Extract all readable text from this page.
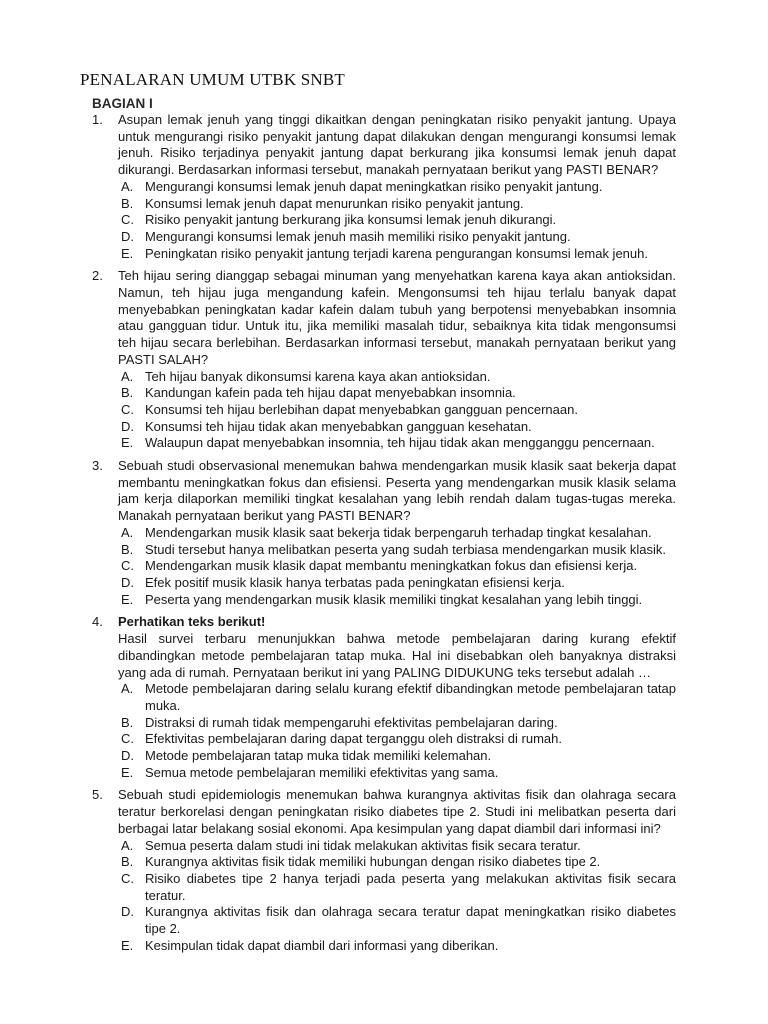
PENALARAN UMUM UTBK SNBT
BAGIAN I
1.	Asupan lemak jenuh yang tinggi dikaitkan dengan peningkatan risiko penyakit jantung. Upaya untuk mengurangi risiko penyakit jantung dapat dilakukan dengan mengurangi konsumsi lemak jenuh. Risiko terjadinya penyakit jantung dapat berkurang jika konsumsi lemak jenuh dapat dikurangi. Berdasarkan informasi tersebut, manakah pernyataan berikut yang PASTI BENAR?

A. Mengurangi konsumsi lemak jenuh dapat meningkatkan risiko penyakit jantung.
B. Konsumsi lemak jenuh dapat menurunkan risiko penyakit jantung.
C. Risiko penyakit jantung berkurang jika konsumsi lemak jenuh dikurangi.
D. Mengurangi konsumsi lemak jenuh masih memiliki risiko penyakit jantung.
E. Peningkatan risiko penyakit jantung terjadi karena pengurangan konsumsi lemak jenuh.
2.	Teh hijau sering dianggap sebagai minuman yang menyehatkan karena kaya akan antioksidan. Namun, teh hijau juga mengandung kafein. Mengonsumsi teh hijau terlalu banyak dapat menyebabkan peningkatan kadar kafein dalam tubuh yang berpotensi menyebabkan insomnia atau gangguan tidur. Untuk itu, jika memiliki masalah tidur, sebaiknya kita tidak mengonsumsi teh hijau secara berlebihan. Berdasarkan informasi tersebut, manakah pernyataan berikut yang PASTI SALAH?

A. Teh hijau banyak dikonsumsi karena kaya akan antioksidan.
B. Kandungan kafein pada teh hijau dapat menyebabkan insomnia.
C. Konsumsi teh hijau berlebihan dapat menyebabkan gangguan pencernaan.
D. Konsumsi teh hijau tidak akan menyebabkan gangguan kesehatan.
E. Walaupun dapat menyebabkan insomnia, teh hijau tidak akan mengganggu pencernaan.
3.	Sebuah studi observasional menemukan bahwa mendengarkan musik klasik saat bekerja dapat membantu meningkatkan fokus dan efisiensi. Peserta yang mendengarkan musik klasik selama jam kerja dilaporkan memiliki tingkat kesalahan yang lebih rendah dalam tugas-tugas mereka. Manakah pernyataan berikut yang PASTI BENAR?

A. Mendengarkan musik klasik saat bekerja tidak berpengaruh terhadap tingkat kesalahan.
B. Studi tersebut hanya melibatkan peserta yang sudah terbiasa mendengarkan musik klasik.
C. Mendengarkan musik klasik dapat membantu meningkatkan fokus dan efisiensi kerja.
D. Efek positif musik klasik hanya terbatas pada peningkatan efisiensi kerja.
E. Peserta yang mendengarkan musik klasik memiliki tingkat kesalahan yang lebih tinggi.
4.	Perhatikan teks berikut!

Hasil survei terbaru menunjukkan bahwa metode pembelajaran daring kurang efektif dibandingkan metode pembelajaran tatap muka. Hal ini disebabkan oleh banyaknya distraksi yang ada di rumah. Pernyataan berikut ini yang PALING DIDUKUNG teks tersebut adalah …

A. Metode pembelajaran daring selalu kurang efektif dibandingkan metode pembelajaran tatap muka.
B. Distraksi di rumah tidak mempengaruhi efektivitas pembelajaran daring.
C. Efektivitas pembelajaran daring dapat terganggu oleh distraksi di rumah.
D. Metode pembelajaran tatap muka tidak memiliki kelemahan.
E. Semua metode pembelajaran memiliki efektivitas yang sama.
5.	Sebuah studi epidemiologis menemukan bahwa kurangnya aktivitas fisik dan olahraga secara teratur berkorelasi dengan peningkatan risiko diabetes tipe 2. Studi ini melibatkan peserta dari berbagai latar belakang sosial ekonomi. Apa kesimpulan yang dapat diambil dari informasi ini?

A. Semua peserta dalam studi ini tidak melakukan aktivitas fisik secara teratur.
B. Kurangnya aktivitas fisik tidak memiliki hubungan dengan risiko diabetes tipe 2.
C. Risiko diabetes tipe 2 hanya terjadi pada peserta yang melakukan aktivitas fisik secara teratur.
D. Kurangnya aktivitas fisik dan olahraga secara teratur dapat meningkatkan risiko diabetes tipe 2.
E. Kesimpulan tidak dapat diambil dari informasi yang diberikan.
